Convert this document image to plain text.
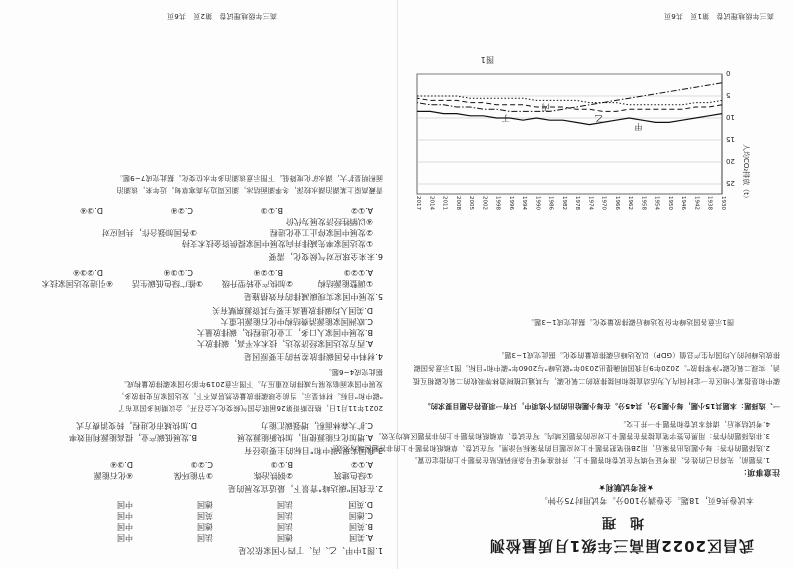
武昌区2022届高三年级1月质量检测
地理
本试卷共6页，18题。全卷满分100分。考试用时75分钟。
★祝考试顺利★
注意事项：
1.答题前，先将自己的姓名、准考证号填写在试卷和答题卡上，并将准考证号条形码粘贴在答题卡上的指定位置。
2.选择题的作答：每小题选出答案后，用2B铅笔把答题卡上对应题目的答案标号涂黑。写在试卷、草稿纸和答题卡上的非答题区域均无效。
3.非选择题的作答：用黑色签字笔直接答在答题卡上对应的答题区域内。写在试卷、草稿纸和答题卡上的非答题区域均无效。
4.考试结束后，请将本试卷和答题卡一并上交。
一、选择题：本题共15小题，每小题3分，共45分。在每小题给出的四个选项中，只有一项是符合题目要求的。
碳中和是指某个地区在一定时间内人为活动直接和间接排放的二氧化碳，与其通过植树造林等吸收的二氧化碳相互抵消，实现二氧化碳"净零排放"。2020年9月我国明确提出2030年"碳达峰"与2060年"碳中和"目标。图1示意各国碳排放达峰时的人均国内生产总值（GDP）以及达峰后碳排放量的变化。据此完成1~3题。
图1示意各国达峰年份及达峰后碳排放量变化。据此完成1~3题。
25
20
15
10
5
0
人均CO₂排放（t）
1930
1938
1942
1946
1950
1954
1958
1962
1966
1970
1974
1978
1982
1986
1990
1994
1996
1998
2002
2005
2008
2011
2014
2017
甲
乙
丙
丁
图1
高三年级地理试卷　第1页　共6页
1.图1中甲、乙、丙、丁四个国家依次是
A.美国
德国
法国
中国
B.英国
法国
德国
中国
C.德国
法国
英国
中国
D.英国
法国
德国
中国
2.在我国"碳达峰"背景下，最适宜发展的是
①绿色建筑
②钢铁冶炼
③节能环保
④化石能源
A.①②
B.①③
C.②③
D.③④
3.我国实现"碳中和"目标的主要途径有
A.增加化石能源使用，加快新能源发展
B.发展低碳产业，提高能源利用效率
C.扩大森林面积，增强碳汇能力
D.加快城市化进程，转变消费方式
2021年11月1日，格拉斯哥第26届联合国气候变化大会召开。会议期间多国宣布了
"碳中和"目标。材料显示，当前全球碳排放量依然居高不下，发达国家历史排放多，
发展中国家面临发展与减排的双重压力。下图示意2019年部分国家碳排放量构成。
据此完成4~6题。
4.材料中各国碳排放差异的主要原因是
A.西方发达国家经济发达，技术水平高，碳排放大
B.发展中国家人口多，工业化进程快，碳排放量大
C.欧洲国家能源消费结构中化石能源比重大
D.美国人均碳排放量高主要与其资源禀赋有关
5.发展中国家实现碳减排的有效措施是
①调整能源结构
②加快产业转型升级
③推广绿色低碳生活
④引进发达国家技术
A.①②③
B.①②④
C.①③④
D.②③④
6.未来全球应对气候变化，需要
①发达国家率先减排并向发展中国家提供资金技术支持
②发展中国家停止工业化进程
③各国加强合作，共同应对
④以牺牲经济发展为代价
A.①②
B.①③
C.②④
D.③④
青藏高原上某湖泊湖水较深，冬季湖面结冰，湖区周边为高寒草甸。近年来，该湖泊
面积明显扩大，湖水矿化度降低。下图示意该湖泊多年水位变化。据此完成7~9题。
高三年级地理试卷　第2页　共6页
